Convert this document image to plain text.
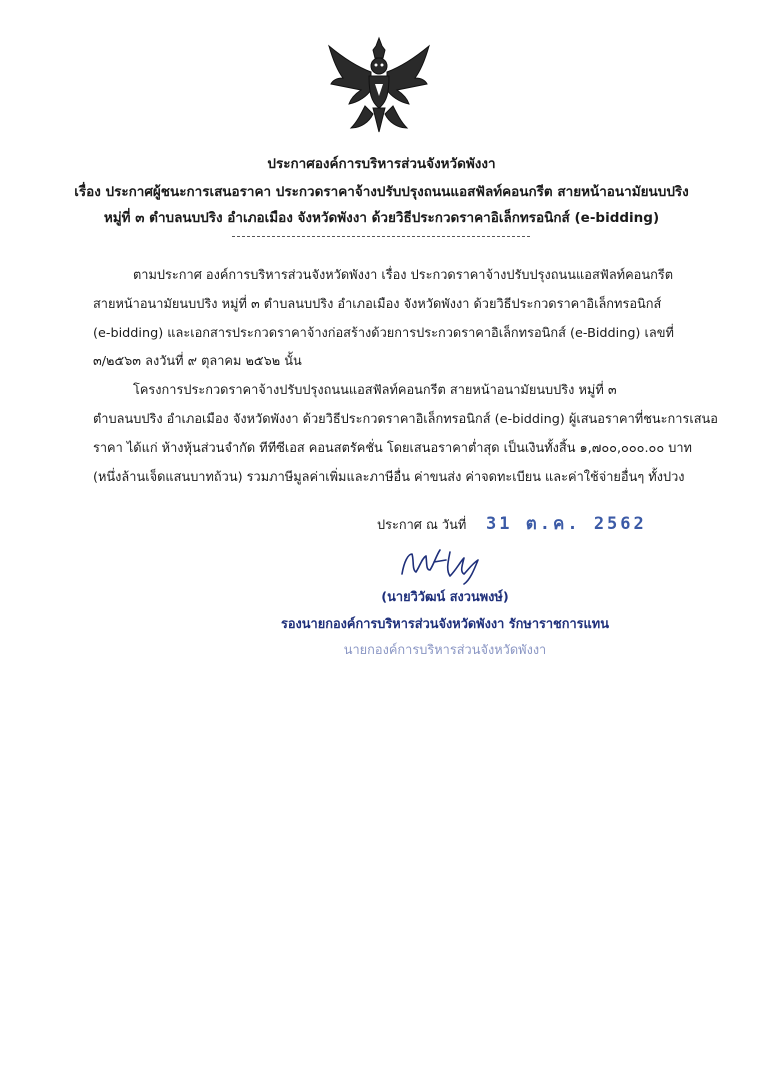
ประกาศองค์การบริหารส่วนจังหวัดพังงา
เรื่อง ประกาศผู้ชนะการเสนอราคา ประกวดราคาจ้างปรับปรุงถนนแอสฟัลท์คอนกรีต สายหน้าอนามัยนบปริง
หมู่ที่ ๓ ตำบลนบปริง อำเภอเมือง จังหวัดพังงา ด้วยวิธีประกวดราคาอิเล็กทรอนิกส์ (e-bidding)
ตามประกาศ องค์การบริหารส่วนจังหวัดพังงา เรื่อง ประกวดราคาจ้างปรับปรุงถนนแอสฟัลท์คอนกรีต
สายหน้าอนามัยนบปริง หมู่ที่ ๓ ตำบลนบปริง อำเภอเมือง จังหวัดพังงา ด้วยวิธีประกวดราคาอิเล็กทรอนิกส์
(e-bidding) และเอกสารประกวดราคาจ้างก่อสร้างด้วยการประกวดราคาอิเล็กทรอนิกส์ (e-Bidding) เลขที่
๓/๒๕๖๓ ลงวันที่ ๙ ตุลาคม ๒๕๖๒ นั้น
โครงการประกวดราคาจ้างปรับปรุงถนนแอสฟัลท์คอนกรีต สายหน้าอนามัยนบปริง หมู่ที่ ๓
ตำบลนบปริง อำเภอเมือง จังหวัดพังงา ด้วยวิธีประกวดราคาอิเล็กทรอนิกส์ (e-bidding) ผู้เสนอราคาที่ชนะการเสนอ
ราคา ได้แก่ ห้างหุ้นส่วนจำกัด ทีทีซีเอส คอนสตรัคชั่น โดยเสนอราคาต่ำสุด เป็นเงินทั้งสิ้น ๑,๗๐๐,๐๐๐.๐๐ บาท
(หนึ่งล้านเจ็ดแสนบาทถ้วน) รวมภาษีมูลค่าเพิ่มและภาษีอื่น ค่าขนส่ง ค่าจดทะเบียน และค่าใช้จ่ายอื่นๆ ทั้งปวง
ประกาศ ณ วันที่ 31 ต.ค. 2562
(นายวิวัฒน์ สงวนพงษ์)
รองนายกองค์การบริหารส่วนจังหวัดพังงา รักษาราชการแทน
นายกองค์การบริหารส่วนจังหวัดพังงา
